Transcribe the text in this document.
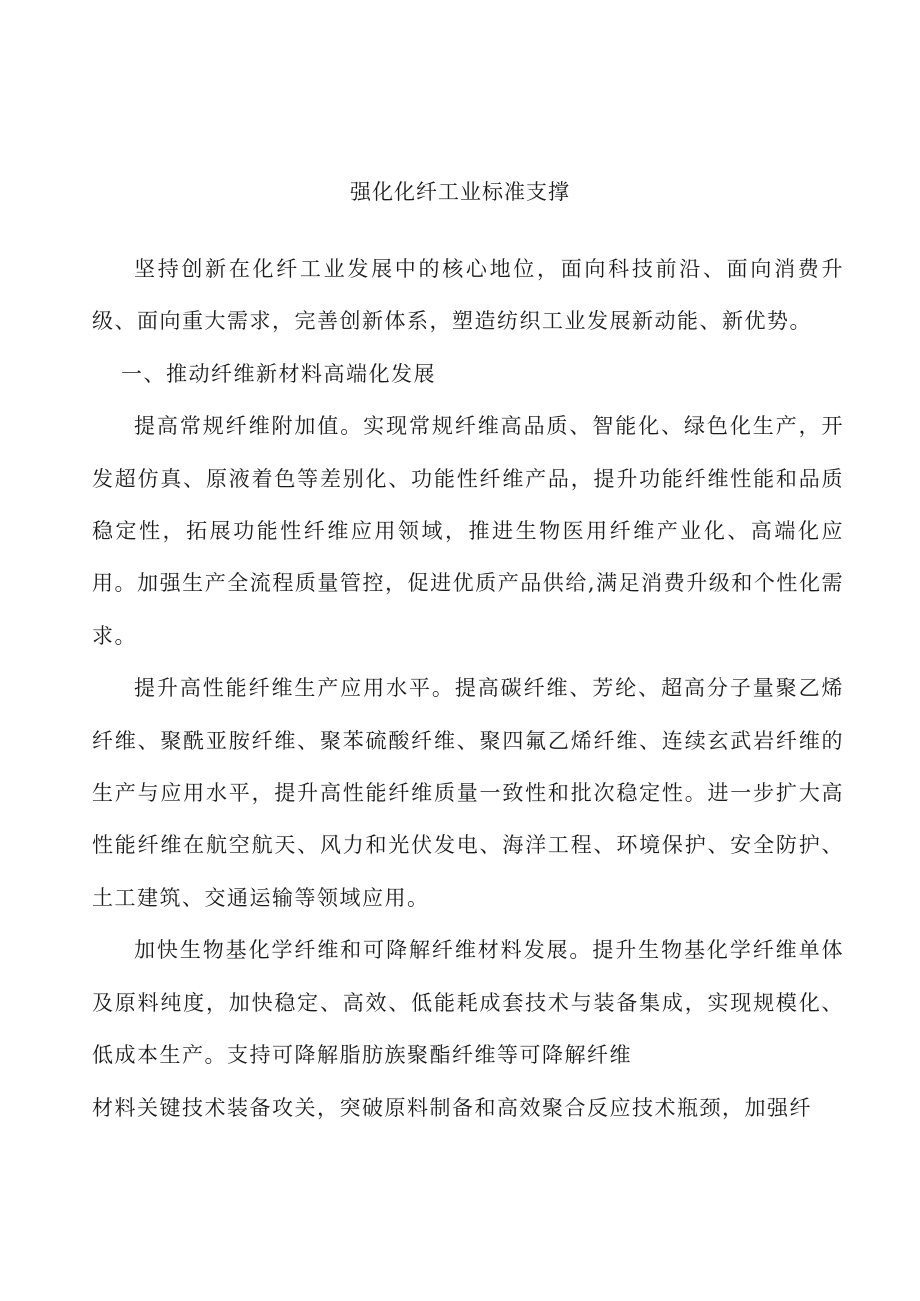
强化化纤工业标准支撑

坚持创新在化纤工业发展中的核心地位，面向科技前沿、面向消费升级、面向重大需求，完善创新体系，塑造纺织工业发展新动能、新优势。

一、推动纤维新材料高端化发展

提高常规纤维附加值。实现常规纤维高品质、智能化、绿色化生产，开发超仿真、原液着色等差别化、功能性纤维产品，提升功能纤维性能和品质稳定性，拓展功能性纤维应用领域，推进生物医用纤维产业化、高端化应用。加强生产全流程质量管控，促进优质产品供给,满足消费升级和个性化需求。

提升高性能纤维生产应用水平。提高碳纤维、芳纶、超高分子量聚乙烯纤维、聚酰亚胺纤维、聚苯硫酸纤维、聚四氟乙烯纤维、连续玄武岩纤维的生产与应用水平，提升高性能纤维质量一致性和批次稳定性。进一步扩大高性能纤维在航空航天、风力和光伏发电、海洋工程、环境保护、安全防护、土工建筑、交通运输等领域应用。

加快生物基化学纤维和可降解纤维材料发展。提升生物基化学纤维单体及原料纯度，加快稳定、高效、低能耗成套技术与装备集成，实现规模化、低成本生产。支持可降解脂肪族聚酯纤维等可降解纤维

材料关键技术装备攻关，突破原料制备和高效聚合反应技术瓶颈，加强纤
